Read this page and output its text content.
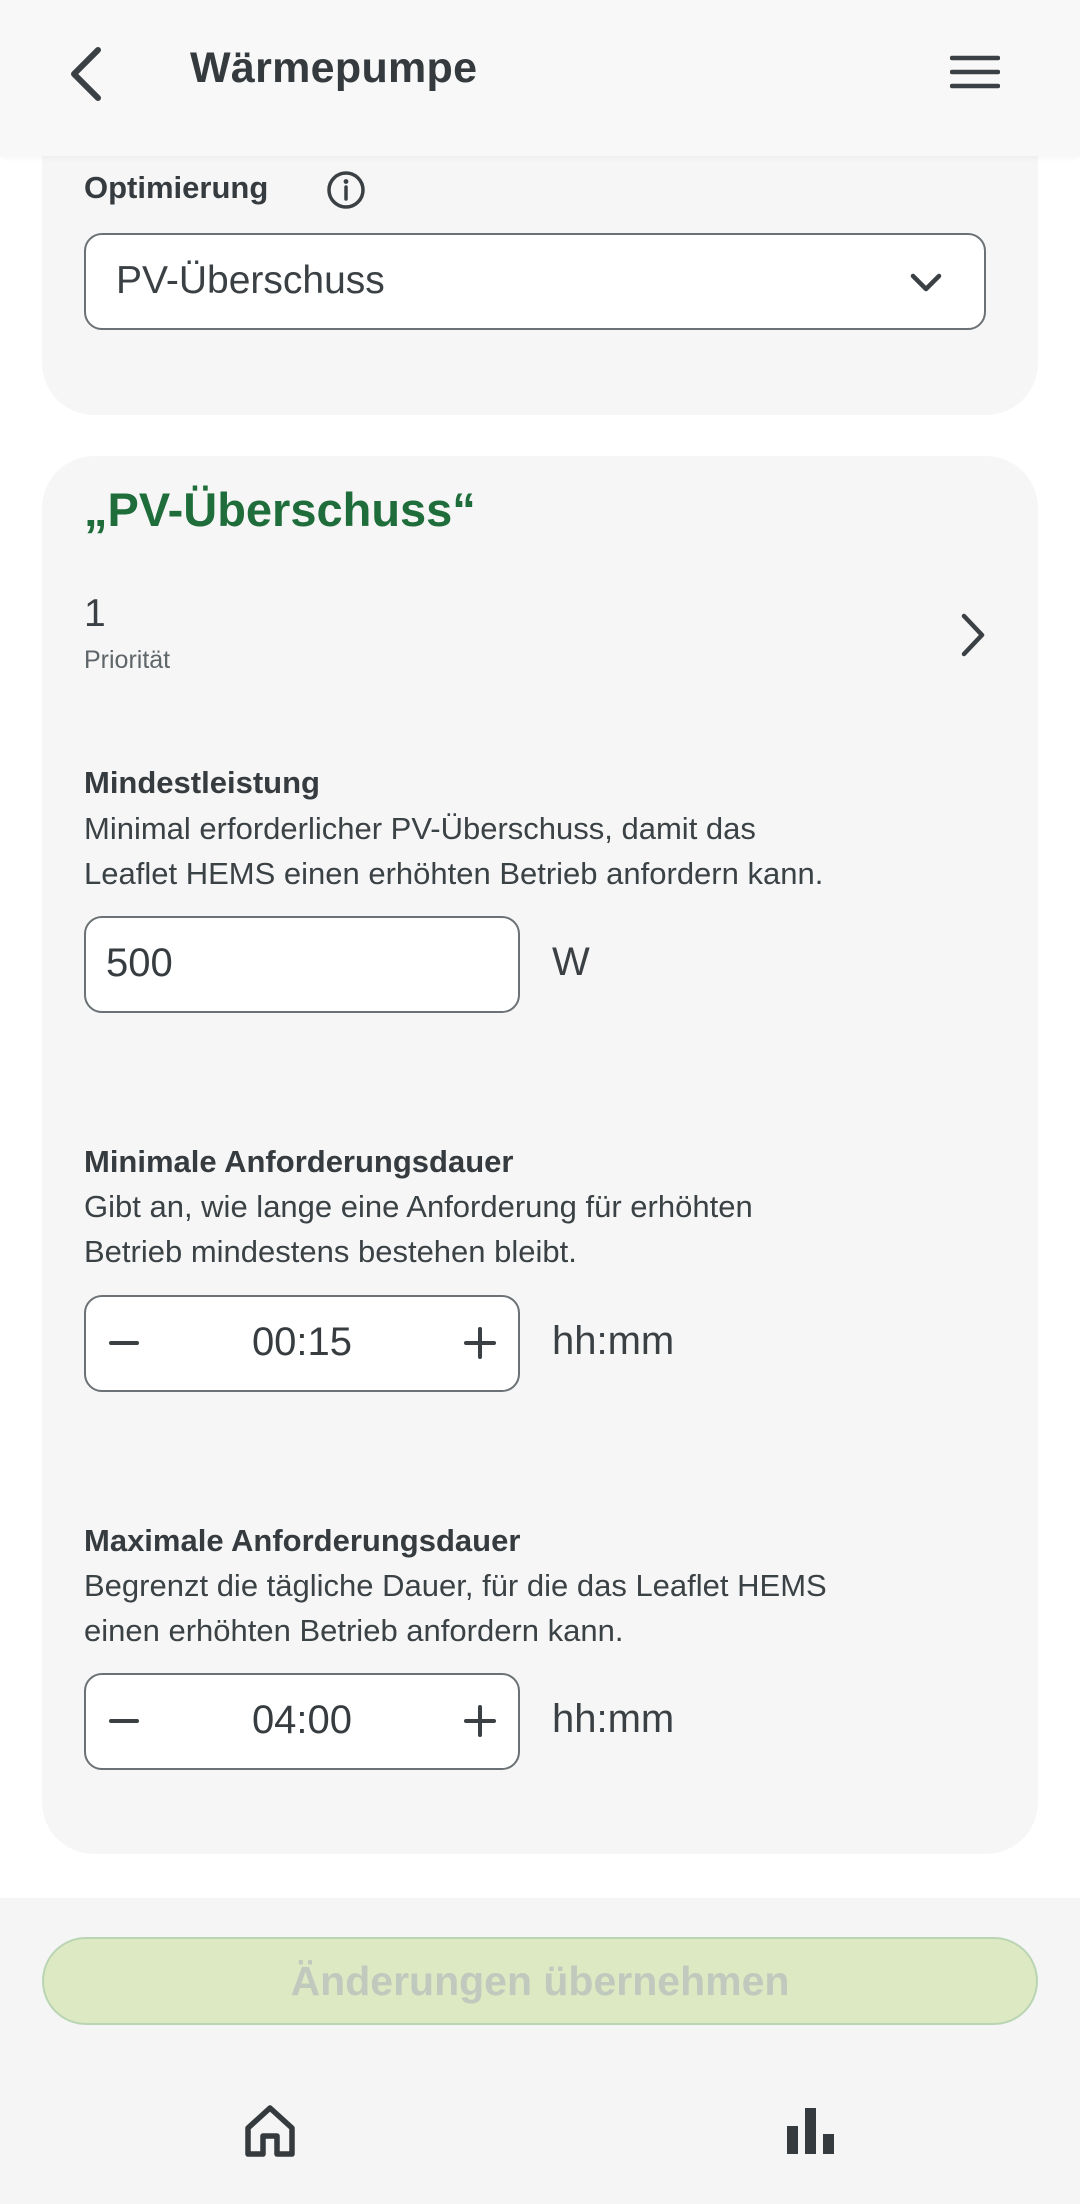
Wärmepumpe
Optimierung
PV-Überschuss
„PV-Überschuss“
1
Priorität
Mindestleistung
Minimal erforderlicher PV-Überschuss, damit das
Leaflet HEMS einen erhöhten Betrieb anfordern kann.
500	W
Minimale Anforderungsdauer
Gibt an, wie lange eine Anforderung für erhöhten
Betrieb mindestens bestehen bleibt.
00:15	hh:mm
Maximale Anforderungsdauer
Begrenzt die tägliche Dauer, für die das Leaflet HEMS
einen erhöhten Betrieb anfordern kann.
04:00	hh:mm
Änderungen übernehmen
